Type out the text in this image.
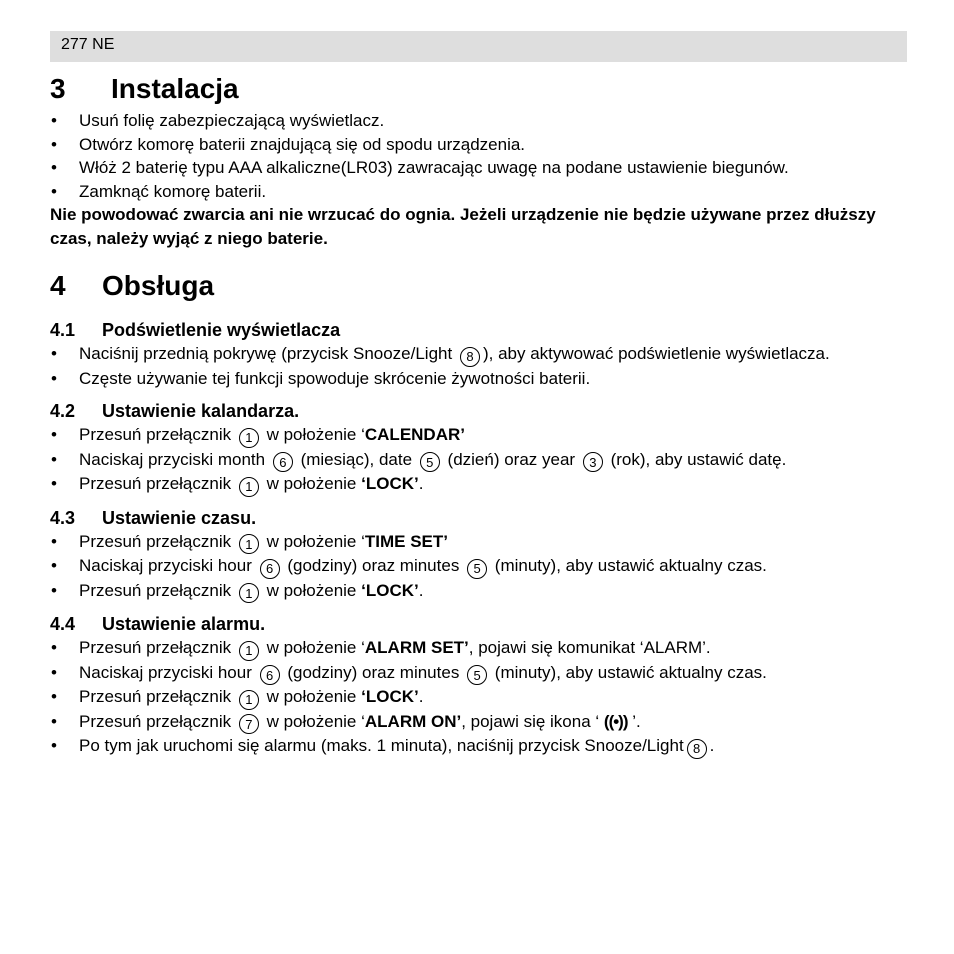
277 NE
3	Instalacja
• Usuń folię zabezpieczającą wyświetlacz.
• Otwórz komorę baterii znajdującą się od spodu urządzenia.
• Włóż 2 baterię typu AAA alkaliczne(LR03) zawracając uwagę na podane ustawienie biegunów.
• Zamknąć komorę baterii.

Nie powodować zwarcia ani nie wrzucać do ognia. Jeżeli urządzenie nie będzie używane przez dłuższy czas, należy wyjąć z niego baterie.

4	Obsługa
4.1	Podświetlenie wyświetlacza
• Naciśnij przednią pokrywę (przycisk Snooze/Light 8 ), aby aktywować podświetlenie wyświetlacza.
• Częste używanie tej funkcji spowoduje skrócenie żywotności baterii.
4.2	Ustawienie kalandarza.
• Przesuń przełącznik 1 w położenie ‘CALENDAR’
• Naciskaj przyciski month 6 (miesiąc), date 5 (dzień) oraz year 3 (rok), aby ustawić datę.
• Przesuń przełącznik 1 w położenie ‘LOCK’.
4.3	Ustawienie czasu.
• Przesuń przełącznik 1 w położenie ‘TIME SET’
• Naciskaj przyciski hour 6 (godziny) oraz minutes 5 (minuty), aby ustawić aktualny czas.
• Przesuń przełącznik 1 w położenie ‘LOCK’.
4.4	Ustawienie alarmu.
• Przesuń przełącznik 1 w położenie ‘ALARM SET’, pojawi się komunikat ‘ALARM’.
• Naciskaj przyciski hour 6 (godziny) oraz minutes 5 (minuty), aby ustawić aktualny czas.
• Przesuń przełącznik 1 w położenie ‘LOCK’.
• Przesuń przełącznik 7 w położenie ‘ALARM ON’, pojawi się ikona ‘ ((•)) ’.
• Po tym jak uruchomi się alarmu (maks. 1 minuta), naciśnij przycisk Snooze/Light 8 .
